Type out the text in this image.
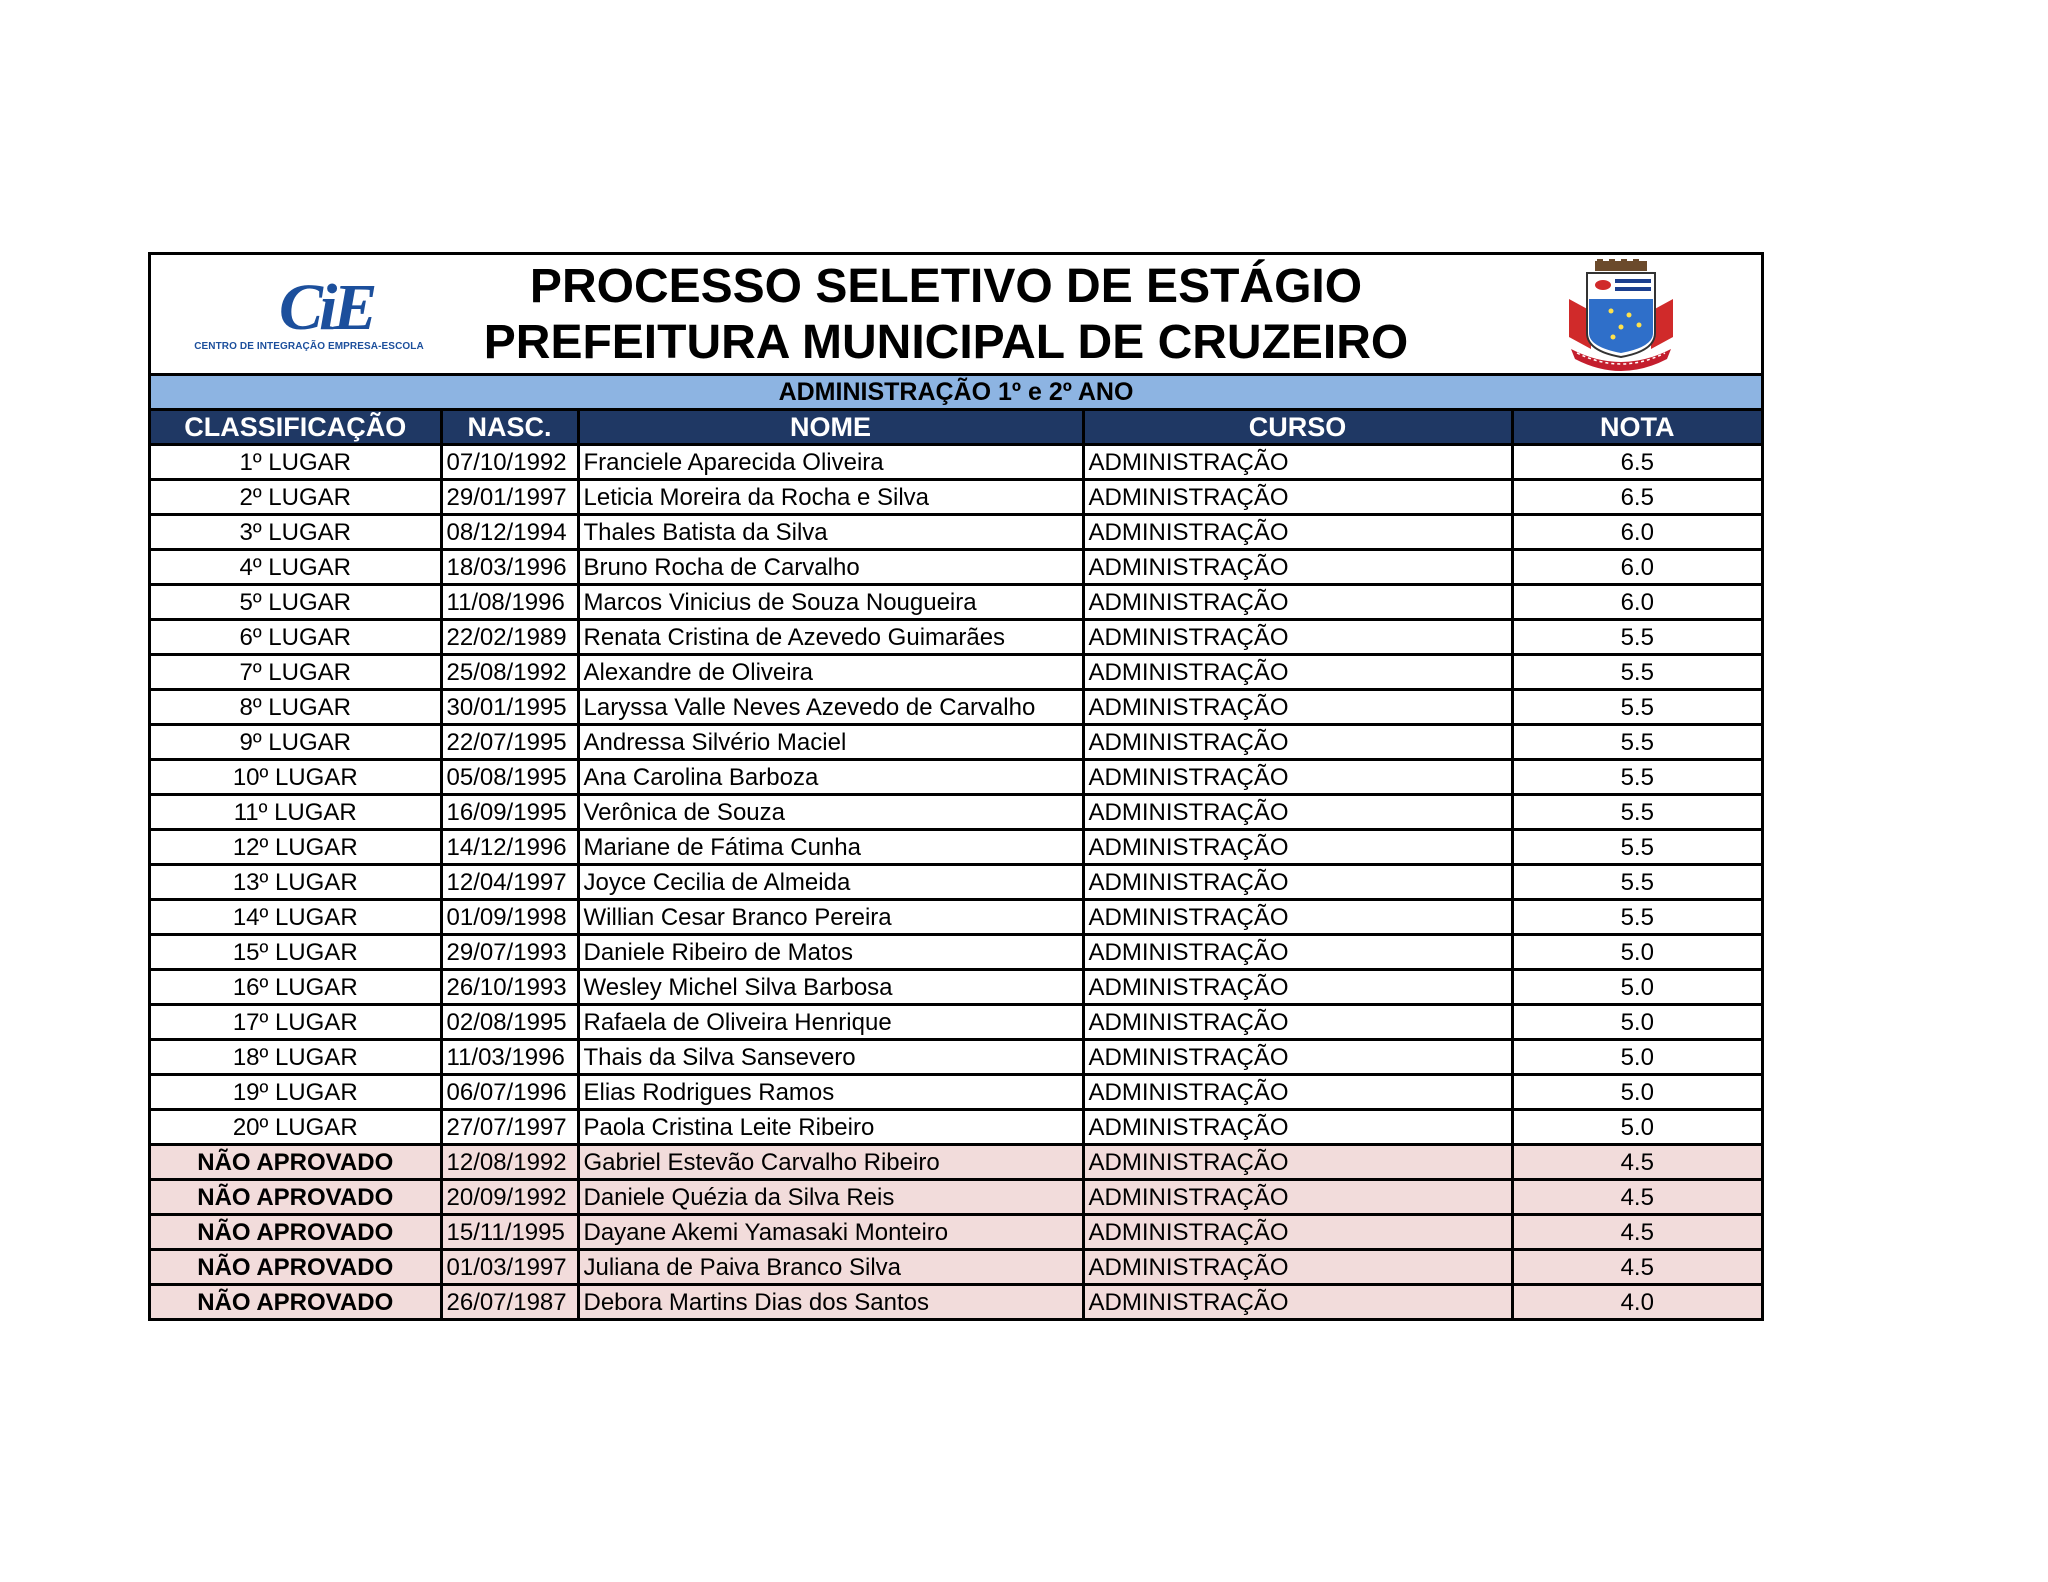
CiE
CENTRO DE INTEGRAÇÃO EMPRESA-ESCOLA
PROCESSO SELETIVO DE ESTÁGIO
PREFEITURA MUNICIPAL DE CRUZEIRO
ADMINISTRAÇÃO 1º e 2º ANO
CLASSIFICAÇÃO	NASC.	NOME	CURSO	NOTA
1º LUGAR	07/10/1992	Franciele Aparecida Oliveira	ADMINISTRAÇÃO	6.5
2º LUGAR	29/01/1997	Leticia Moreira da Rocha e Silva	ADMINISTRAÇÃO	6.5
3º LUGAR	08/12/1994	Thales Batista da Silva	ADMINISTRAÇÃO	6.0
4º LUGAR	18/03/1996	Bruno Rocha de Carvalho	ADMINISTRAÇÃO	6.0
5º LUGAR	11/08/1996	Marcos Vinicius de Souza Nougueira	ADMINISTRAÇÃO	6.0
6º LUGAR	22/02/1989	Renata Cristina de Azevedo Guimarães	ADMINISTRAÇÃO	5.5
7º LUGAR	25/08/1992	Alexandre de Oliveira	ADMINISTRAÇÃO	5.5
8º LUGAR	30/01/1995	Laryssa Valle Neves Azevedo de Carvalho	ADMINISTRAÇÃO	5.5
9º LUGAR	22/07/1995	Andressa Silvério Maciel	ADMINISTRAÇÃO	5.5
10º LUGAR	05/08/1995	Ana Carolina Barboza	ADMINISTRAÇÃO	5.5
11º LUGAR	16/09/1995	Verônica de Souza	ADMINISTRAÇÃO	5.5
12º LUGAR	14/12/1996	Mariane de Fátima Cunha	ADMINISTRAÇÃO	5.5
13º LUGAR	12/04/1997	Joyce Cecilia de Almeida	ADMINISTRAÇÃO	5.5
14º LUGAR	01/09/1998	Willian Cesar Branco Pereira	ADMINISTRAÇÃO	5.5
15º LUGAR	29/07/1993	Daniele Ribeiro de Matos	ADMINISTRAÇÃO	5.0
16º LUGAR	26/10/1993	Wesley Michel Silva Barbosa	ADMINISTRAÇÃO	5.0
17º LUGAR	02/08/1995	Rafaela de Oliveira Henrique	ADMINISTRAÇÃO	5.0
18º LUGAR	11/03/1996	Thais da Silva Sansevero	ADMINISTRAÇÃO	5.0
19º LUGAR	06/07/1996	Elias Rodrigues Ramos	ADMINISTRAÇÃO	5.0
20º LUGAR	27/07/1997	Paola Cristina Leite Ribeiro	ADMINISTRAÇÃO	5.0
NÃO APROVADO	12/08/1992	Gabriel Estevão Carvalho Ribeiro	ADMINISTRAÇÃO	4.5
NÃO APROVADO	20/09/1992	Daniele Quézia da Silva Reis	ADMINISTRAÇÃO	4.5
NÃO APROVADO	15/11/1995	Dayane Akemi Yamasaki Monteiro	ADMINISTRAÇÃO	4.5
NÃO APROVADO	01/03/1997	Juliana de Paiva Branco Silva	ADMINISTRAÇÃO	4.5
NÃO APROVADO	26/07/1987	Debora Martins Dias dos Santos	ADMINISTRAÇÃO	4.0
